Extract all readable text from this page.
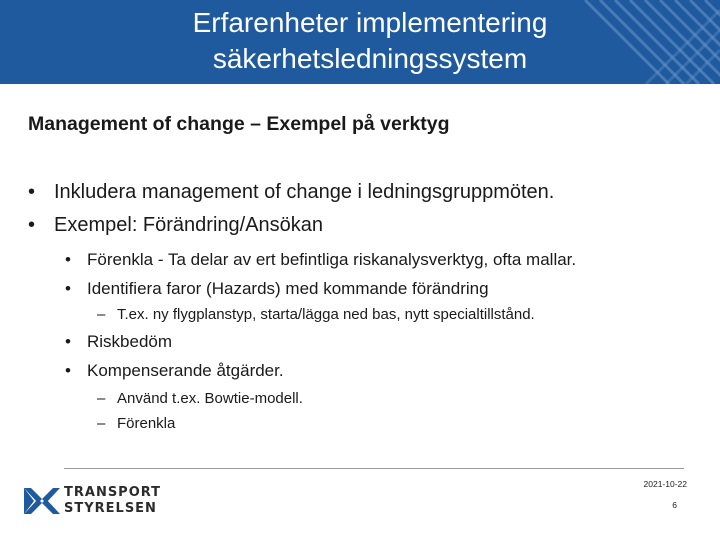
Erfarenheter implementering
säkerhetsledningssystem
Management of change – Exempel på verktyg
• Inkludera management of change i ledningsgruppmöten.
• Exempel: Förändring/Ansökan
• Förenkla - Ta delar av ert befintliga riskanalysverktyg, ofta mallar.
• Identifiera faror (Hazards) med kommande förändring
– T.ex. ny flygplanstyp, starta/lägga ned bas, nytt specialtillstånd.
• Riskbedöm
• Kompenserande åtgärder.
– Använd t.ex. Bowtie-modell.
– Förenkla
2021-10-22
6
TRANSPORT
STYRELSEN
